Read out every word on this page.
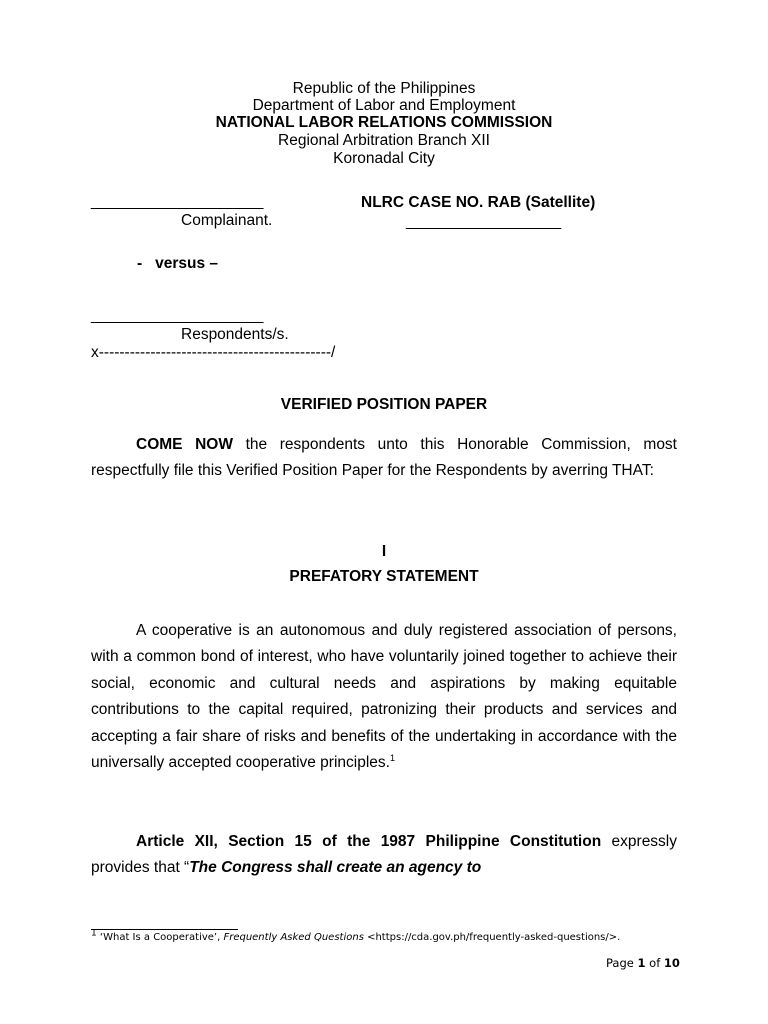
Republic of the Philippines
Department of Labor and Employment
NATIONAL LABOR RELATIONS COMMISSION
Regional Arbitration Branch XII
Koronadal City
____________________
Complainant.
NLRC CASE NO. RAB (Satellite)
__________________
-   versus –
____________________
Respondents/s.
x---------------------------------------------/
VERIFIED POSITION PAPER
COME NOW the respondents unto this Honorable Commission, most respectfully file this Verified Position Paper for the Respondents by averring THAT:
I
PREFATORY STATEMENT
A cooperative is an autonomous and duly registered association of persons, with a common bond of interest, who have voluntarily joined together to achieve their social, economic and cultural needs and aspirations by making equitable contributions to the capital required, patronizing their products and services and accepting a fair share of risks and benefits of the undertaking in accordance with the universally accepted cooperative principles.$^1$
Article XII, Section 15 of the 1987 Philippine Constitution expressly provides that “The Congress shall create an agency to
$^1$ ‘What Is a Cooperative’, Frequently Asked Questions <https://cda.gov.ph/frequently-asked-questions/>.
Page 1 of 10
